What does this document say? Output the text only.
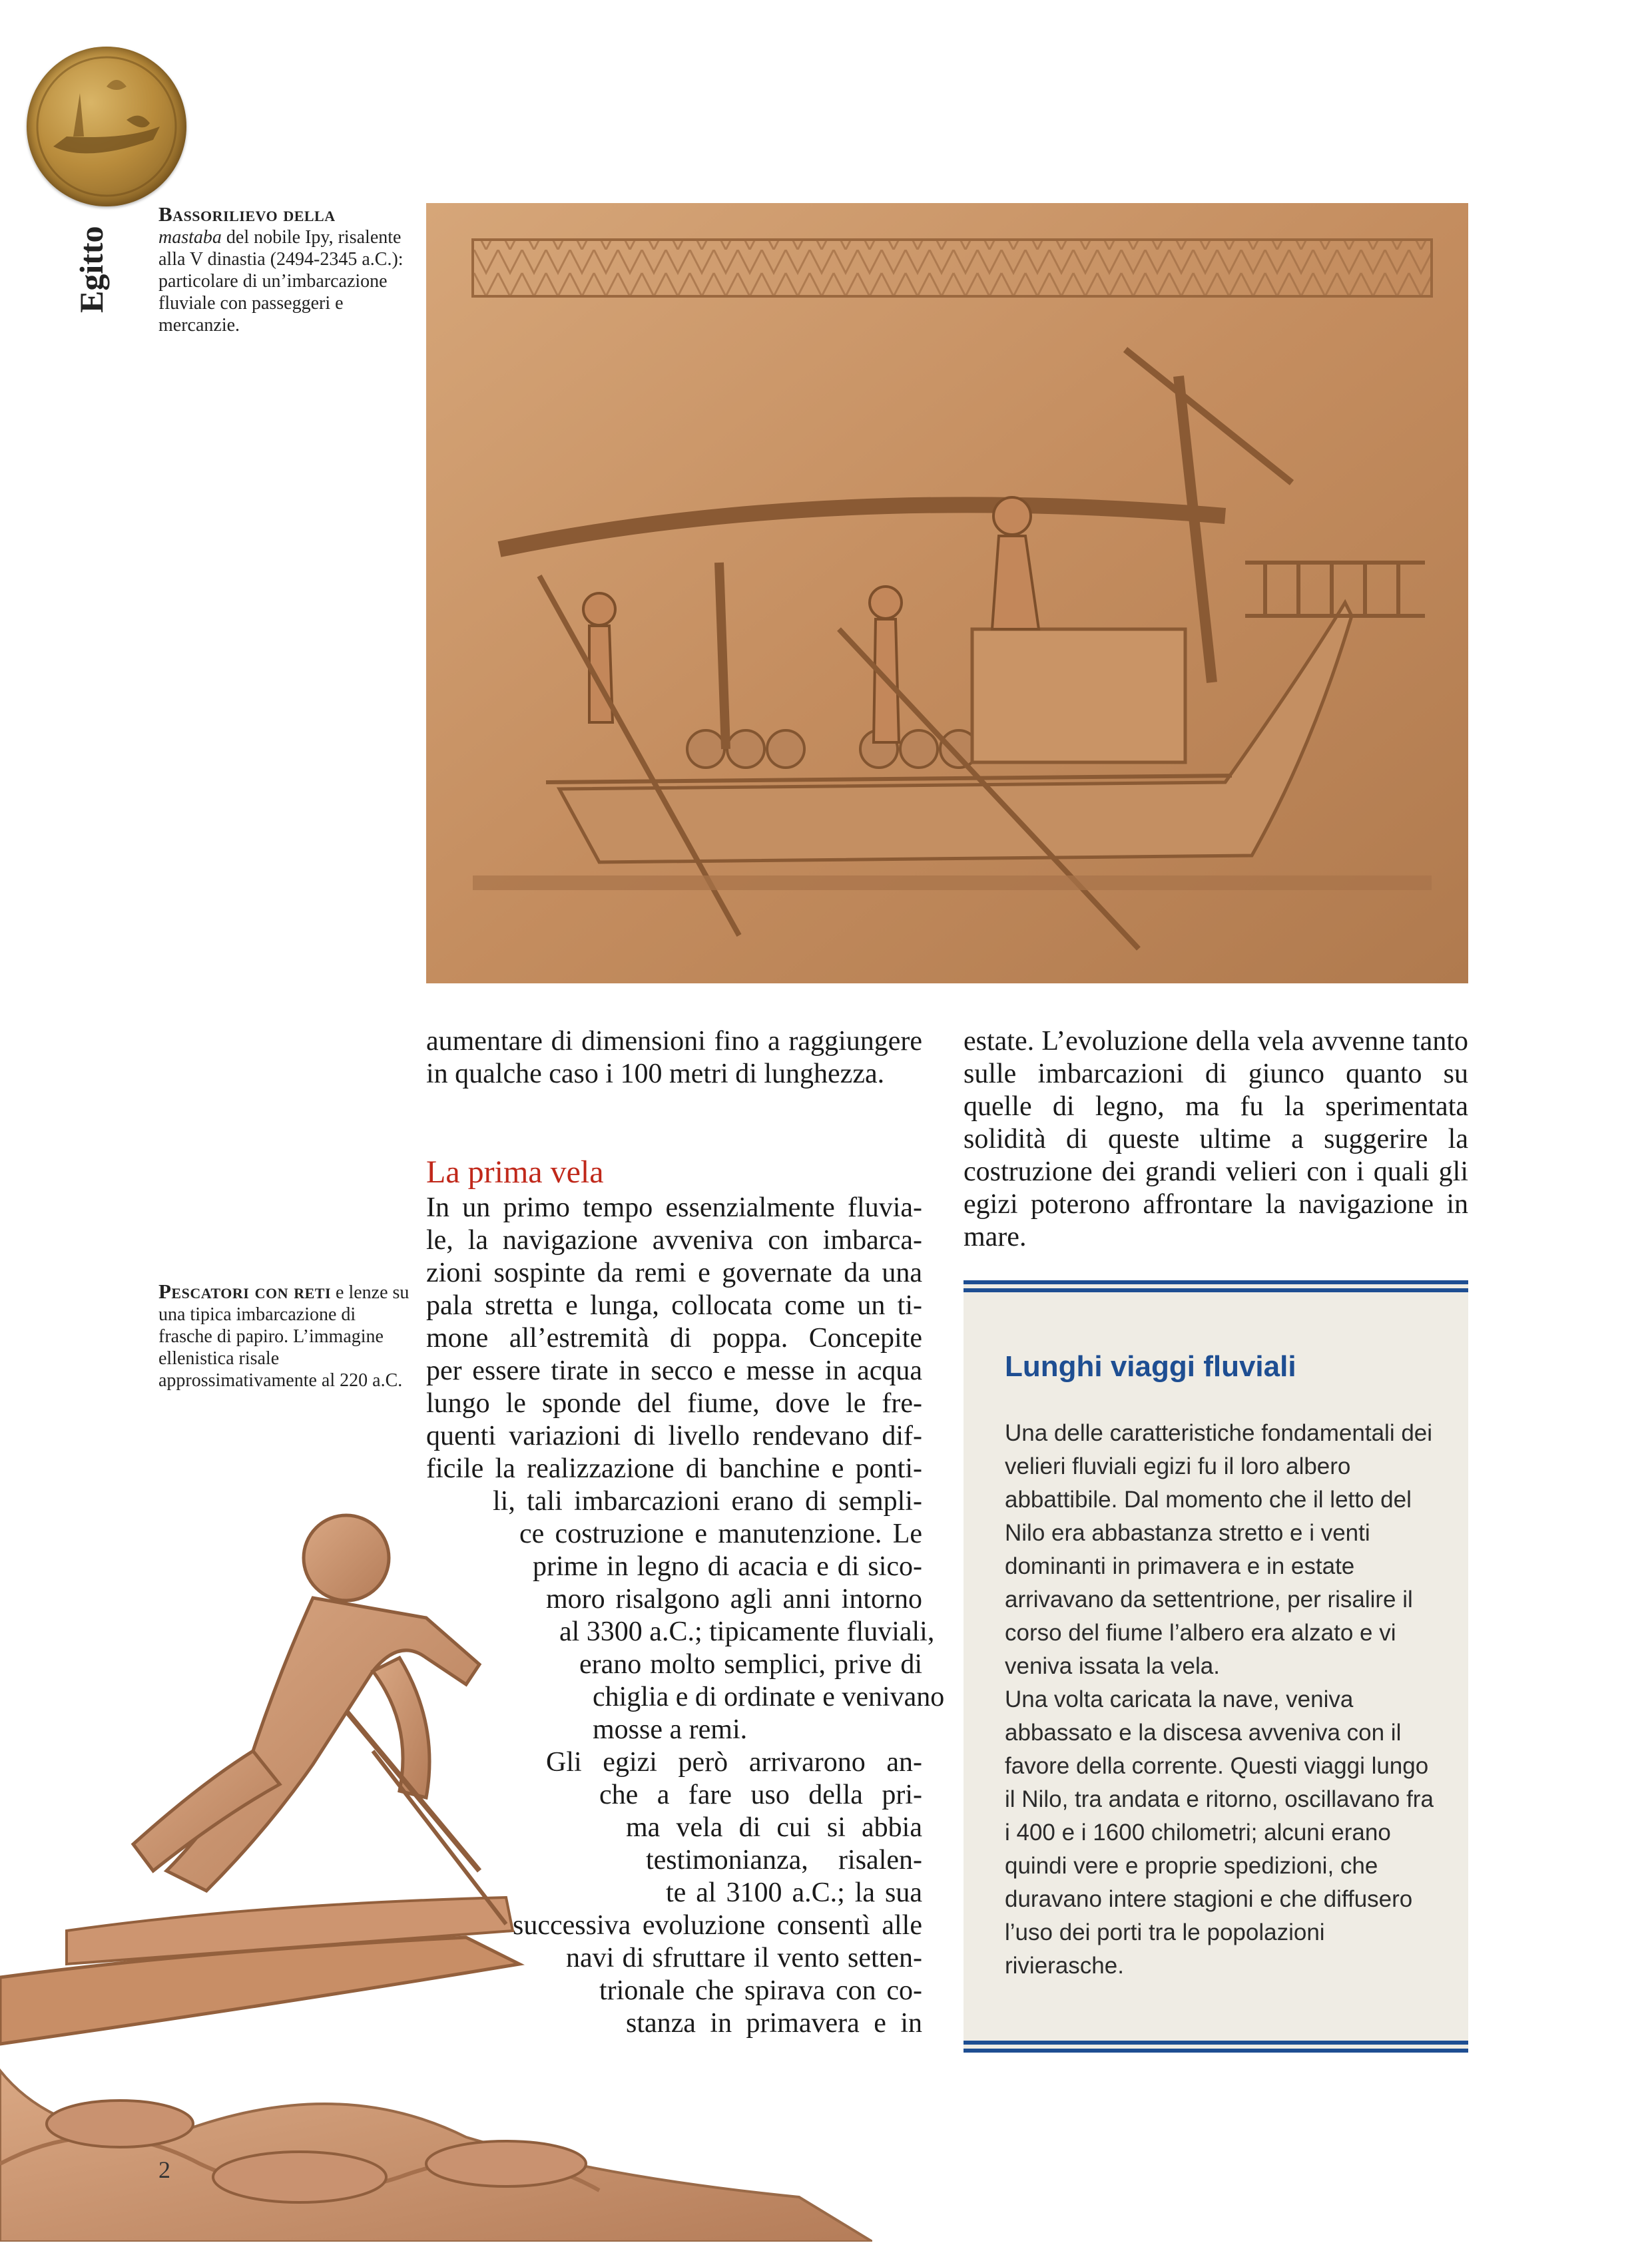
Egitto
Bassorilievo della
mastaba del nobile Ipy, risalente alla V dinastia (2494-2345 a.C.): particolare di un’imbarcazione fluviale con passeggeri e mercanzie.
aumentare di dimensioni fino a raggiungere in qualche caso i 100 metri di lunghezza.
estate. L’evoluzione della vela avvenne tanto sulle imbarcazioni di giunco quanto su quelle di legno, ma fu la sperimentata solidità di queste ultime a suggerire la costruzione dei grandi velieri con i quali gli egizi poterono affrontare la navigazione in mare.
La prima vela
In un primo tempo essenzialmente fluvia-
le, la navigazione avveniva con imbarca-
zioni sospinte da remi e governate da una
pala stretta e lunga, collocata come un ti-
mone all’estremità di poppa. Concepite
per essere tirate in secco e messe in acqua
lungo le sponde del fiume, dove le fre-
quenti variazioni di livello rendevano dif-
ficile la realizzazione di banchine e ponti-
li, tali imbarcazioni erano di sempli-
ce costruzione e manutenzione. Le
prime in legno di acacia e di sico-
moro risalgono agli anni intorno
al 3300 a.C.; tipicamente fluviali,
erano molto semplici, prive di
chiglia e di ordinate e venivano
mosse a remi.
Gli egizi però arrivarono an-
che a fare uso della pri-
ma vela di cui si abbia
testimonianza, risalen-
te al 3100 a.C.; la sua
successiva evoluzione consentì alle
navi di sfruttare il vento setten-
trionale che spirava con co-
stanza in primavera e in
Pescatori con reti e lenze su una tipica imbarcazione di frasche di papiro. L’immagine ellenistica risale approssimativamente al 220 a.C.	Lunghi viaggi fluviali
Una delle caratteristiche fondamentali dei velieri fluviali egizi fu il loro albero abbattibile. Dal momento che il letto del Nilo era abbastanza stretto e i venti dominanti in primavera e in estate arrivavano da settentrione, per risalire il corso del fiume l’albero era alzato e vi veniva issata la vela.
Una volta caricata la nave, veniva abbassato e la discesa avveniva con il favore della corrente. Questi viaggi lungo il Nilo, tra andata e ritorno, oscillavano fra i 400 e i 1600 chilometri; alcuni erano quindi vere e proprie spedizioni, che duravano intere stagioni e che diffusero l’uso dei porti tra le popolazioni rivierasche.
2
